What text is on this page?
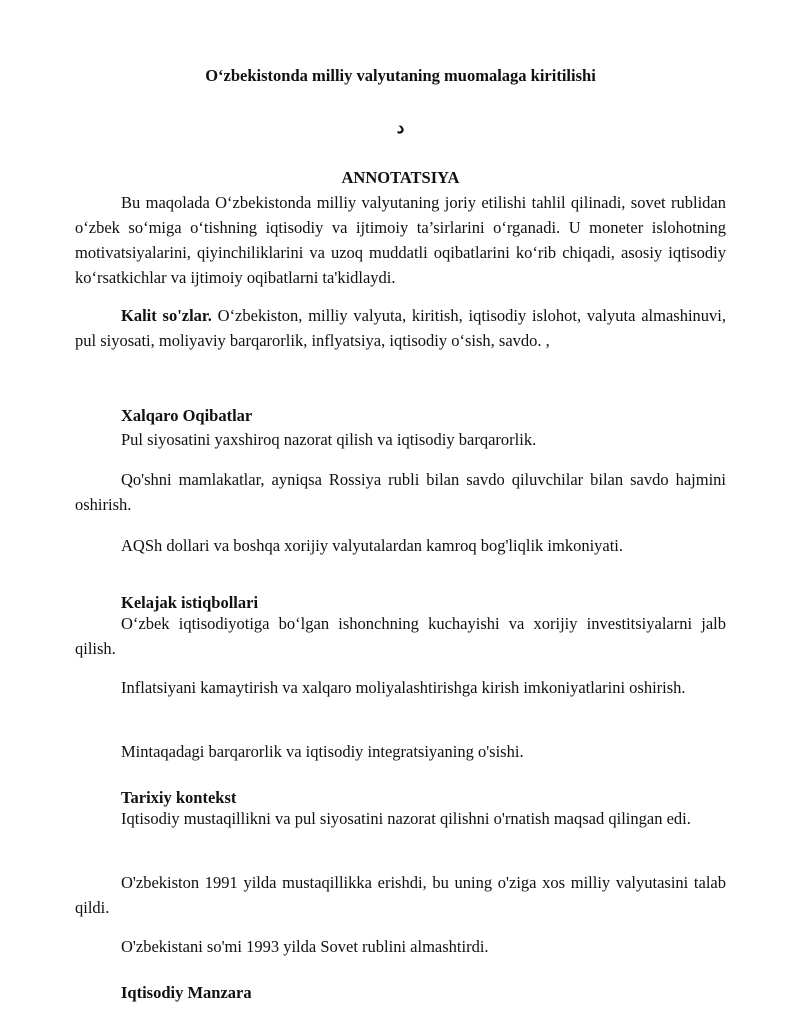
O‘zbekistonda milliy valyutaning muomalaga kiritilishi
د
ANNOTATSIYA

Bu maqolada O‘zbekistonda milliy valyutaning joriy etilishi tahlil qilinadi, sovet rublidan o‘zbek so‘miga o‘tishning iqtisodiy va ijtimoiy ta’sirlarini o‘rganadi. U moneter islohotning motivatsiyalarini, qiyinchiliklarini va uzoq muddatli oqibatlarini ko‘rib chiqadi, asosiy iqtisodiy ko‘rsatkichlar va ijtimoiy oqibatlarni ta'kidlaydi.

Kalit so'zlar. O‘zbekiston, milliy valyuta, kiritish, iqtisodiy islohot, valyuta almashinuvi, pul siyosati, moliyaviy barqarorlik, inflyatsiya, iqtisodiy o‘sish, savdo. ,

Xalqaro Oqibatlar

Pul siyosatini yaxshiroq nazorat qilish va iqtisodiy barqarorlik.

Qo'shni mamlakatlar, ayniqsa Rossiya rubli bilan savdo qiluvchilar bilan savdo hajmini oshirish.

AQSh dollari va boshqa xorijiy valyutalardan kamroq bog'liqlik imkoniyati.

Kelajak istiqbollari

O‘zbek iqtisodiyotiga bo‘lgan ishonchning kuchayishi va xorijiy investitsiyalarni jalb qilish.

Inflatsiyani kamaytirish va xalqaro moliyalashtirishga kirish imkoniyatlarini oshirish.

Mintaqadagi barqarorlik va iqtisodiy integratsiyaning o'sishi.

Tarixiy kontekst

Iqtisodiy mustaqillikni va pul siyosatini nazorat qilishni o'rnatish maqsad qilingan edi.

O'zbekiston 1991 yilda mustaqillikka erishdi, bu uning o'ziga xos milliy valyutasini talab qildi.

O'zbekistani so'mi 1993 yilda Sovet rublini almashtirdi.

Iqtisodiy Manzara
